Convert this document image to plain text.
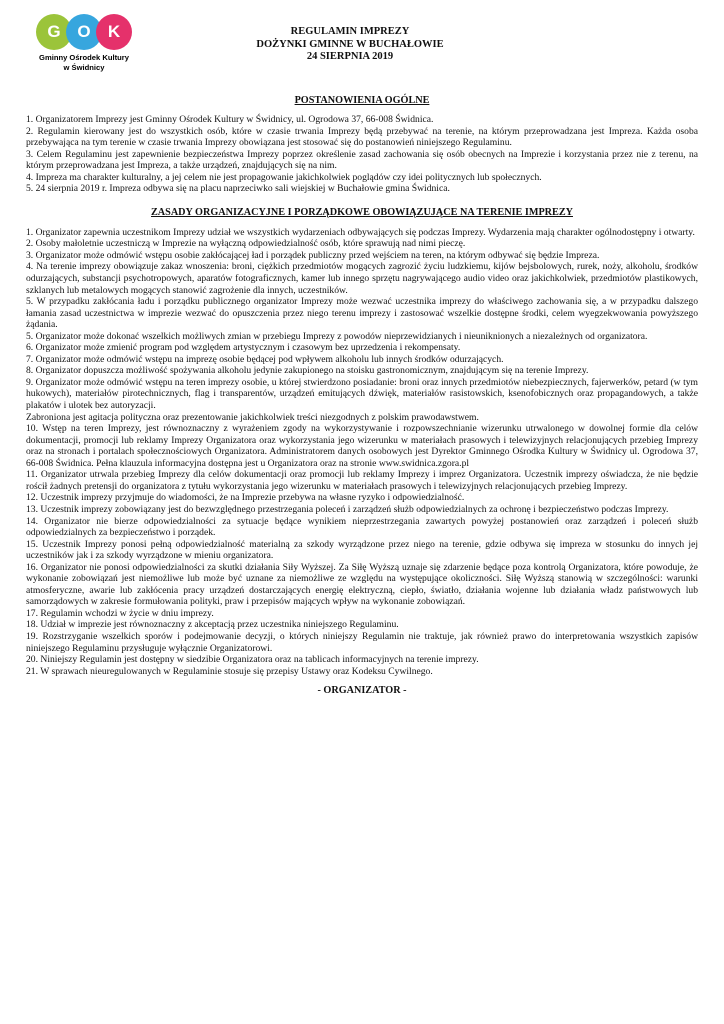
G O	K
Gminny Ośrodek Kultury
w Świdnicy
REGULAMIN IMPREZY
DOŻYNKI GMINNE W BUCHAŁOWIE
24 SIERPNIA 2019
POSTANOWIENIA OGÓLNE

1. Organizatorem Imprezy jest Gminny Ośrodek Kultury w Świdnicy, ul. Ogrodowa 37, 66-008 Świdnica.

2. Regulamin kierowany jest do wszystkich osób, które w czasie trwania Imprezy będą przebywać na terenie, na którym przeprowadzana jest Impreza. Każda osoba przebywająca na tym terenie w czasie trwania Imprezy obowiązana jest stosować się do postanowień niniejszego Regulaminu.

3. Celem Regulaminu jest zapewnienie bezpieczeństwa Imprezy poprzez określenie zasad zachowania się osób obecnych na Imprezie i korzystania przez nie z terenu, na którym przeprowadzana jest Impreza, a także urządzeń, znajdujących się na nim.

4. Impreza ma charakter kulturalny, a jej celem nie jest propagowanie jakichkolwiek poglądów czy idei politycznych lub społecznych.

5. 24 sierpnia 2019 r. Impreza odbywa się na placu naprzeciwko sali wiejskiej w Buchałowie gmina Świdnica.

ZASADY ORGANIZACYJNE I PORZĄDKOWE OBOWIĄZUJĄCE NA TERENIE IMPREZY

1. Organizator zapewnia uczestnikom Imprezy udział we wszystkich wydarzeniach odbywających się podczas Imprezy. Wydarzenia mają charakter ogólnodostępny i otwarty.

2. Osoby małoletnie uczestniczą w Imprezie na wyłączną odpowiedzialność osób, które sprawują nad nimi pieczę.

3. Organizator może odmówić wstępu osobie zakłócającej ład i porządek publiczny przed wejściem na teren, na którym odbywać się będzie Impreza.

4. Na terenie imprezy obowiązuje zakaz wnoszenia: broni, ciężkich przedmiotów mogących zagrozić życiu ludzkiemu, kijów bejsbolowych, rurek, noży, alkoholu, środków odurzających, substancji psychotropowych, aparatów fotograficznych, kamer lub innego sprzętu nagrywającego audio video oraz jakichkolwiek, przedmiotów plastikowych, szklanych lub metalowych mogących stanowić zagrożenie dla innych, uczestników.

5. W przypadku zakłócania ładu i porządku publicznego organizator Imprezy może wezwać uczestnika imprezy do właściwego zachowania się, a w przypadku dalszego łamania zasad uczestnictwa w imprezie wezwać do opuszczenia przez niego terenu imprezy i zastosować wszelkie dostępne środki, celem wyegzekwowania powyższego żądania.

5. Organizator może dokonać wszelkich możliwych zmian w przebiegu Imprezy z powodów nieprzewidzianych i nieuniknionych a niezależnych od organizatora.

6. Organizator może zmienić program pod względem artystycznym i czasowym bez uprzedzenia i rekompensaty.

7. Organizator może odmówić wstępu na imprezę osobie będącej pod wpływem alkoholu lub innych środków odurzających.

8. Organizator dopuszcza możliwość spożywania alkoholu jedynie zakupionego na stoisku gastronomicznym, znajdującym się na terenie Imprezy.

9. Organizator może odmówić wstępu na teren imprezy osobie, u której stwierdzono posiadanie: broni oraz innych przedmiotów niebezpiecznych, fajerwerków, petard (w tym hukowych), materiałów pirotechnicznych, flag i transparentów, urządzeń emitujących dźwięk, materiałów rasistowskich, ksenofobicznych oraz propagandowych, a także plakatów i ulotek bez autoryzacji.

Zabroniona jest agitacja polityczna oraz prezentowanie jakichkolwiek treści niezgodnych z polskim prawodawstwem.

10. Wstęp na teren Imprezy, jest równoznaczny z wyrażeniem zgody na wykorzystywanie i rozpowszechnianie wizerunku utrwalonego w dowolnej formie dla celów dokumentacji, promocji lub reklamy Imprezy Organizatora oraz wykorzystania jego wizerunku w materiałach prasowych i telewizyjnych relacjonujących przebieg Imprezy oraz na stronach i portalach społecznościowych Organizatora. Administratorem danych osobowych jest Dyrektor Gminnego Ośrodka Kultury w Świdnicy ul. Ogrodowa 37, 66-008 Świdnica. Pełna klauzula informacyjna dostępna jest u Organizatora oraz na stronie www.swidnica.zgora.pl

11. Organizator utrwala przebieg Imprezy dla celów dokumentacji oraz promocji lub reklamy Imprezy i imprez Organizatora. Uczestnik imprezy oświadcza, że nie będzie rościł żadnych pretensji do organizatora z tytułu wykorzystania jego wizerunku w materiałach prasowych i telewizyjnych relacjonujących przebieg Imprezy.

12. Uczestnik imprezy przyjmuje do wiadomości, że na Imprezie przebywa na własne ryzyko i odpowiedzialność.

13. Uczestnik imprezy zobowiązany jest do bezwzględnego przestrzegania poleceń i zarządzeń służb odpowiedzialnych za ochronę i bezpieczeństwo podczas Imprezy.

14. Organizator nie bierze odpowiedzialności za sytuacje będące wynikiem nieprzestrzegania zawartych powyżej postanowień oraz zarządzeń i poleceń służb odpowiedzialnych za bezpieczeństwo i porządek.

15. Uczestnik Imprezy ponosi pełną odpowiedzialność materialną za szkody wyrządzone przez niego na terenie, gdzie odbywa się impreza w stosunku do innych jej uczestników jak i za szkody wyrządzone w mieniu organizatora.

16. Organizator nie ponosi odpowiedzialności za skutki działania Siły Wyższej. Za Siłę Wyższą uznaje się zdarzenie będące poza kontrolą Organizatora, które powoduje, że wykonanie zobowiązań jest niemożliwe lub może być uznane za niemożliwe ze względu na występujące okoliczności. Siłę Wyższą stanowią w szczególności: warunki atmosferyczne, awarie lub zakłócenia pracy urządzeń dostarczających energię elektryczną, ciepło, światło, działania wojenne lub działania władz państwowych lub samorządowych w zakresie formułowania polityki, praw i przepisów mających wpływ na wykonanie zobowiązań.

17. Regulamin wchodzi w życie w dniu imprezy.

18. Udział w imprezie jest równoznaczny z akceptacją przez uczestnika niniejszego Regulaminu.

19. Rozstrzyganie wszelkich sporów i podejmowanie decyzji, o których niniejszy Regulamin nie traktuje, jak również prawo do interpretowania wszystkich zapisów niniejszego Regulaminu przysługuje wyłącznie Organizatorowi.

20. Niniejszy Regulamin jest dostępny w siedzibie Organizatora oraz na tablicach informacyjnych na terenie imprezy.

21. W sprawach nieuregulowanych w Regulaminie stosuje się przepisy Ustawy oraz Kodeksu Cywilnego.

- ORGANIZATOR -
